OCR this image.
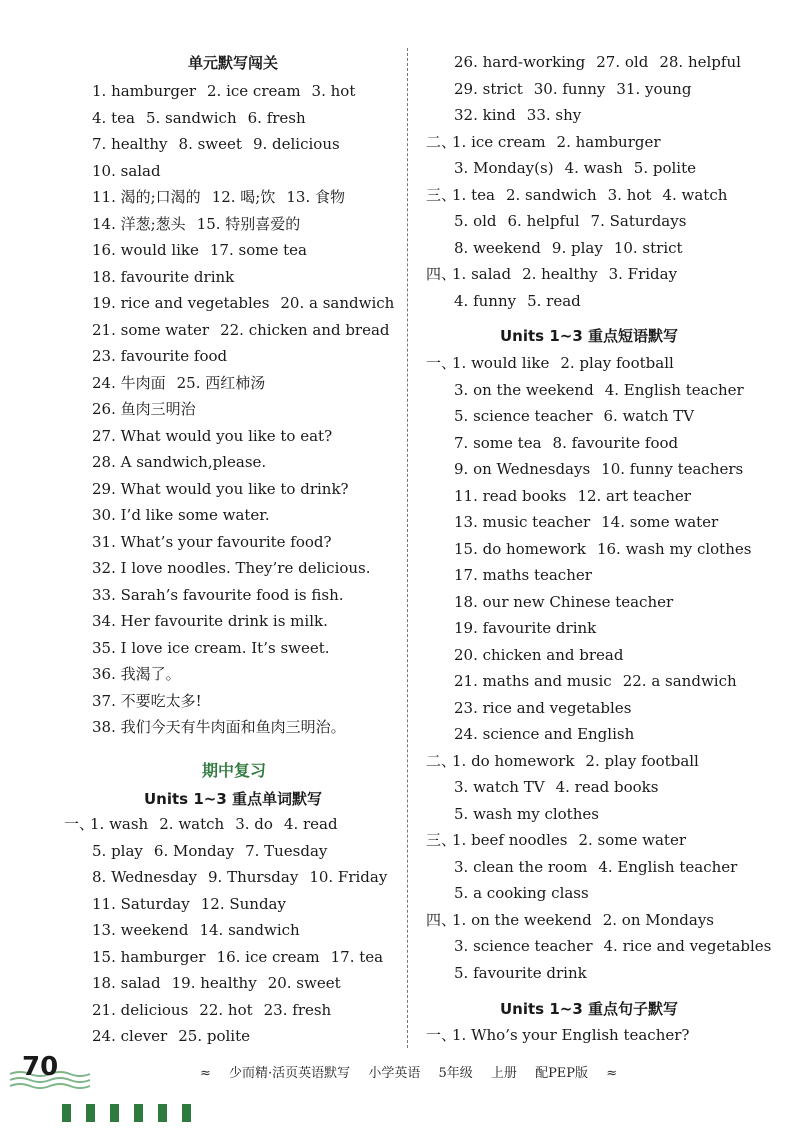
单元默写闯关
1. hamburger 2. ice cream 3. hot
4. tea 5. sandwich 6. fresh
7. healthy 8. sweet 9. delicious
10. salad
11. 渴的;口渴的 12. 喝;饮 13. 食物
14. 洋葱;葱头 15. 特别喜爱的
16. would like 17. some tea
18. favourite drink
19. rice and vegetables 20. a sandwich
21. some water 22. chicken and bread
23. favourite food
24. 牛肉面 25. 西红柿汤
26. 鱼肉三明治
27. What would you like to eat?
28. A sandwich,please.
29. What would you like to drink?
30. I’d like some water.
31. What’s your favourite food?
32. I love noodles. They’re delicious.
33. Sarah’s favourite food is fish.
34. Her favourite drink is milk.
35. I love ice cream. It’s sweet.
36. 我渴了。
37. 不要吃太多!
38. 我们今天有牛肉面和鱼肉三明治。
期中复习
Units 1~3 重点单词默写
一、1. wash 2. watch 3. do 4. read
5. play 6. Monday 7. Tuesday
8. Wednesday 9. Thursday 10. Friday
11. Saturday 12. Sunday
13. weekend 14. sandwich
15. hamburger 16. ice cream 17. tea
18. salad 19. healthy 20. sweet
21. delicious 22. hot 23. fresh
24. clever 25. polite
26. hard-working 27. old 28. helpful
29. strict 30. funny 31. young
32. kind 33. shy
二、1. ice cream 2. hamburger
3. Monday(s) 4. wash 5. polite
三、1. tea 2. sandwich 3. hot 4. watch
5. old 6. helpful 7. Saturdays
8. weekend 9. play 10. strict
四、1. salad 2. healthy 3. Friday
4. funny 5. read
Units 1~3 重点短语默写
一、1. would like 2. play football
3. on the weekend 4. English teacher
5. science teacher 6. watch TV
7. some tea 8. favourite food
9. on Wednesdays 10. funny teachers
11. read books 12. art teacher
13. music teacher 14. some water
15. do homework 16. wash my clothes
17. maths teacher
18. our new Chinese teacher
19. favourite drink
20. chicken and bread
21. maths and music 22. a sandwich
23. rice and vegetables
24. science and English
二、1. do homework 2. play football
3. watch TV 4. read books
5. wash my clothes
三、1. beef noodles 2. some water
3. clean the room 4. English teacher
5. a cooking class
四、1. on the weekend 2. on Mondays
3. science teacher 4. rice and vegetables
5. favourite drink
Units 1~3 重点句子默写
一、1. Who’s your English teacher?
70	≈ 少而精·活页英语默写 小学英语 5年级 上册 配PEP版 ≈
